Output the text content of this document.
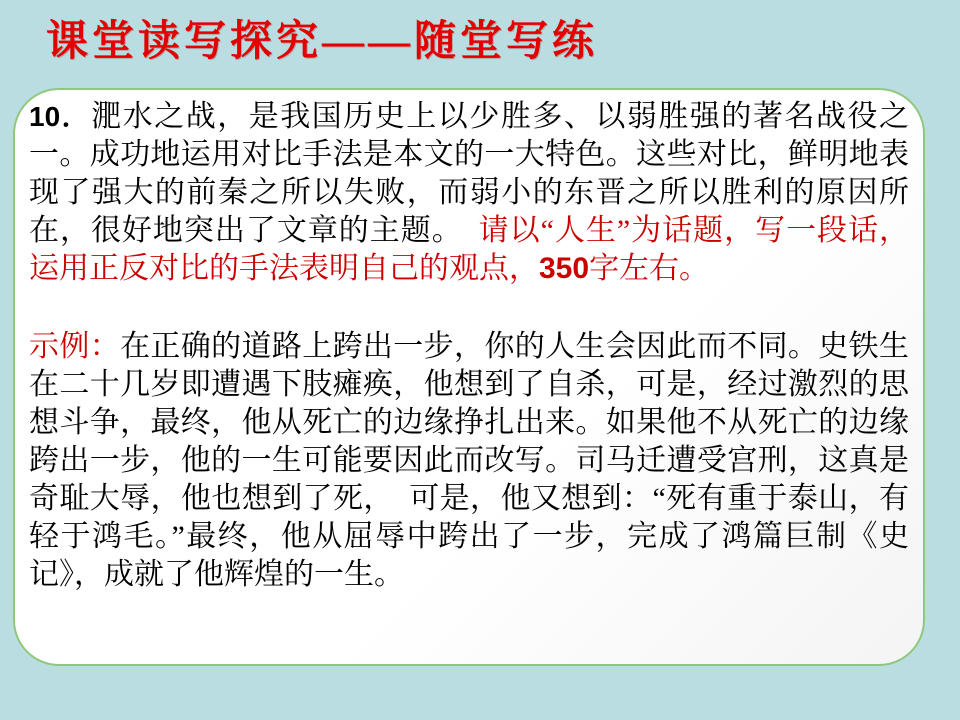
课堂读写探究——随堂写练

10．淝水之战，是我国历史上以少胜多、以弱胜强的著名战役之一。成功地运用对比手法是本文的一大特色。这些对比，鲜明地表现了强大的前秦之所以失败，而弱小的东晋之所以胜利的原因所在，很好地突出了文章的主题。　请以“人生”为话题，写一段话，运用正反对比的手法表明自己的观点，350字左右。

示例：在正确的道路上跨出一步，你的人生会因此而不同。史铁生在二十几岁即遭遇下肢瘫痪，他想到了自杀，可是，经过激烈的思想斗争，最终，他从死亡的边缘挣扎出来。如果他不从死亡的边缘跨出一步，他的一生可能要因此而改写。司马迁遭受宫刑，这真是奇耻大辱，他也想到了死，　可是，他又想到：“死有重于泰山，有轻于鸿毛。”最终，他从屈辱中跨出了一步，完成了鸿篇巨制《史记》，成就了他辉煌的一生。
